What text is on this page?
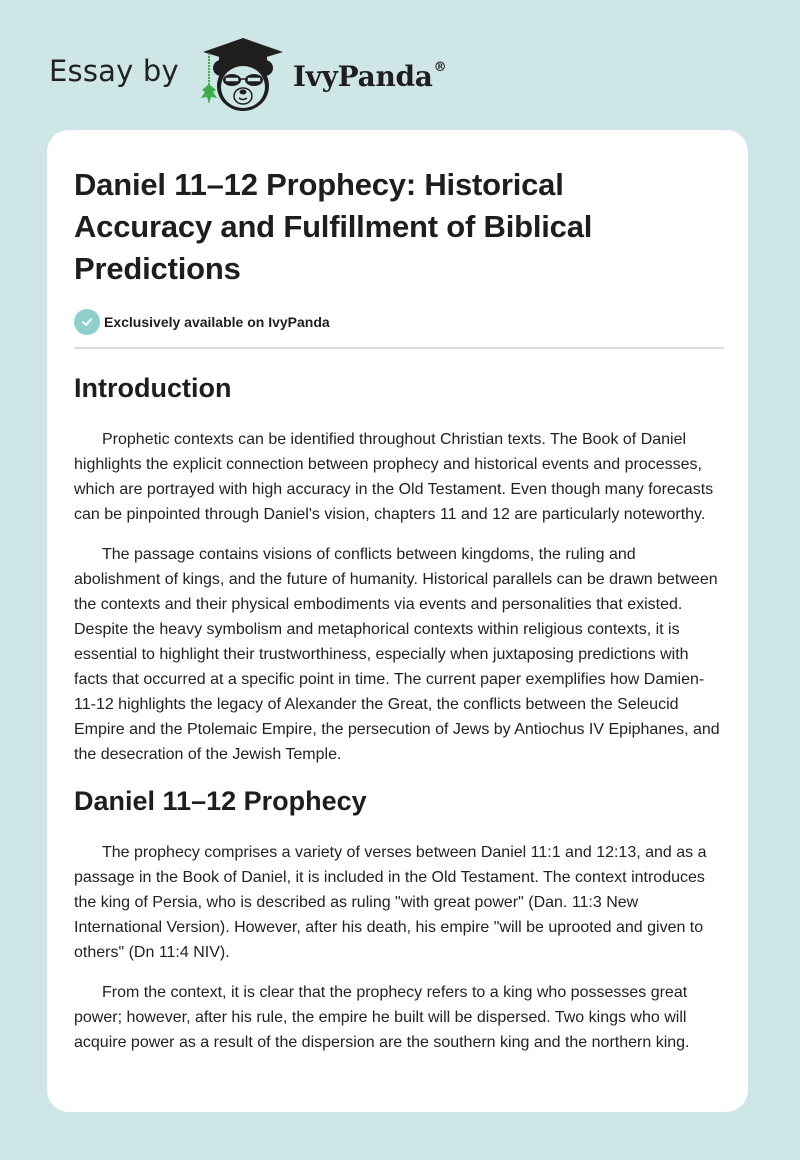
Essay by	IvyPanda®
Daniel 11–12 Prophecy: Historical Accuracy and Fulfillment of Biblical Predictions
Exclusively available on IvyPanda
Introduction

Prophetic contexts can be identified throughout Christian texts. The Book of Daniel highlights the explicit connection between prophecy and historical events and processes, which are portrayed with high accuracy in the Old Testament. Even though many forecasts can be pinpointed through Daniel's vision, chapters 11 and 12 are particularly noteworthy.

The passage contains visions of conflicts between kingdoms, the ruling and abolishment of kings, and the future of humanity. Historical parallels can be drawn between the contexts and their physical embodiments via events and personalities that existed. Despite the heavy symbolism and metaphorical contexts within religious contexts, it is essential to highlight their trustworthiness, especially when juxtaposing predictions with facts that occurred at a specific point in time. The current paper exemplifies how Damien-11-12 highlights the legacy of Alexander the Great, the conflicts between the Seleucid Empire and the Ptolemaic Empire, the persecution of Jews by Antiochus IV Epiphanes, and the desecration of the Jewish Temple.

Daniel 11–12 Prophecy

The prophecy comprises a variety of verses between Daniel 11:1 and 12:13, and as a passage in the Book of Daniel, it is included in the Old Testament. The context introduces the king of Persia, who is described as ruling "with great power" (Dan. 11:3 New International Version). However, after his death, his empire "will be uprooted and given to others" (Dn 11:4 NIV).

From the context, it is clear that the prophecy refers to a king who possesses great power; however, after his rule, the empire he built will be dispersed. Two kings who will acquire power as a result of the dispersion are the southern king and the northern king.
